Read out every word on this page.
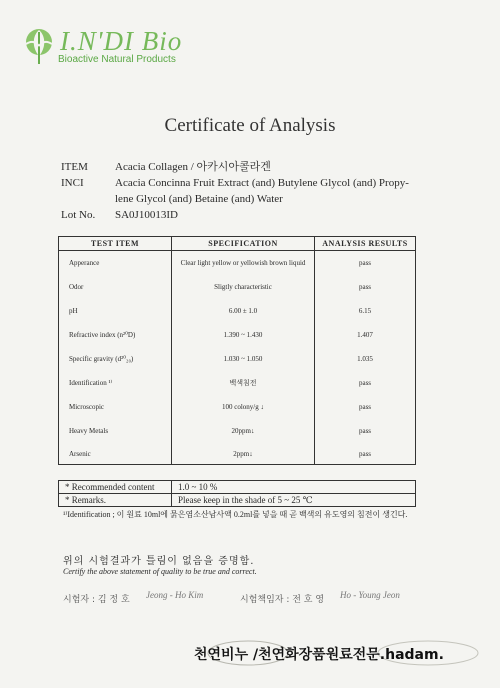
I.N'DI Bio
Bioactive Natural Products
Certificate of Analysis
ITEM Acacia Collagen / 아카시아콜라겐
INCI	Acacia Concinna Fruit Extract (and) Butylene Glycol (and) Propy-
lene Glycol (and) Betaine (and) Water
Lot No. SA0J10013ID
TEST ITEM	SPECIFICATION	ANALYSIS RESULTS
Apperance	Clear light yellow or yellowish brown liquid	pass
Odor	Sligtly characteristic	pass
pH	6.00 ± 1.0	6.15
Refractive index (n²⁰D)	1.390 ~ 1.430	1.407
Specific gravity (d²⁰₂₀)	1.030 ~ 1.050	1.035
Identification ¹⁾	백색침전	pass
Microscopic	100 colony/g ↓	pass
Heavy Metals	20ppm↓	pass
Arsenic	2ppm↓	pass
* Recommended content	1.0 ~ 10 %
* Remarks.	Please keep in the shade of 5 ~ 25 ℃
¹⁾Identification ; 이 원료 10ml에 묽은염소산남사액 0.2ml를 넣을 때 곧 백색의 유도영의 침전이 생긴다.
위의 시험결과가 틀림이 없음을 증명함.
Certify the above statement of quality to be true and correct.
시험자 : 김 정 호 Jeong - Ho Kim	시험책임자 : 전 호 영 Ho - Young Jeon
천연비누 /천연화장품원료전문.hadam.
